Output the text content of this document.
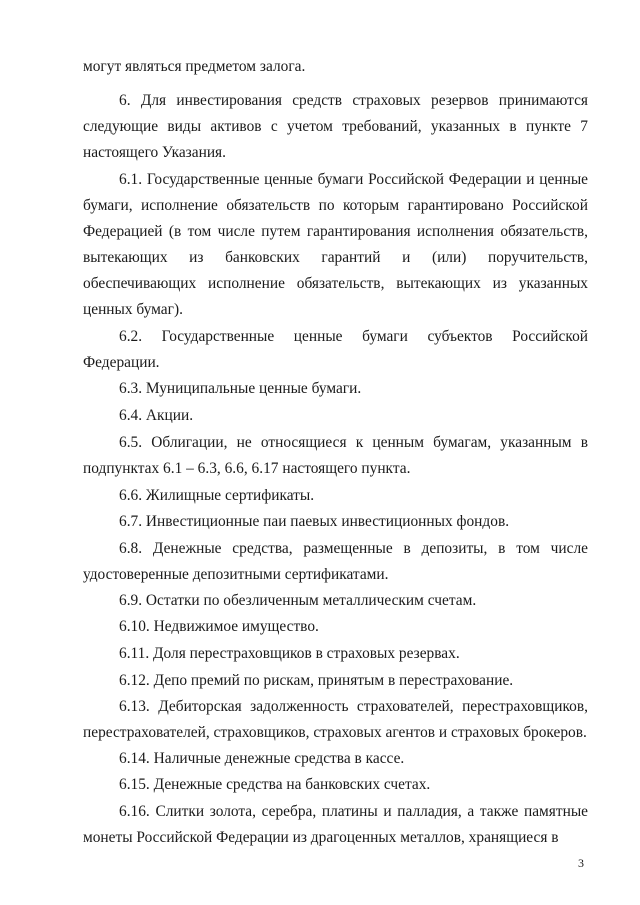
могут являться предметом залога.

6. Для инвестирования средств страховых резервов принимаются следующие виды активов с учетом требований, указанных в пункте 7 настоящего Указания.

6.1. Государственные ценные бумаги Российской Федерации и ценные бумаги, исполнение обязательств по которым гарантировано Российской Федерацией (в том числе путем гарантирования исполнения обязательств, вытекающих из банковских гарантий и (или) поручительств, обеспечивающих исполнение обязательств, вытекающих из указанных ценных бумаг).

6.2. Государственные ценные бумаги субъектов Российской Федерации.

6.3. Муниципальные ценные бумаги.

6.4. Акции.

6.5. Облигации, не относящиеся к ценным бумагам, указанным в подпунктах 6.1 – 6.3, 6.6, 6.17 настоящего пункта.

6.6. Жилищные сертификаты.

6.7. Инвестиционные паи паевых инвестиционных фондов.

6.8. Денежные средства, размещенные в депозиты, в том числе удостоверенные депозитными сертификатами.

6.9. Остатки по обезличенным металлическим счетам.

6.10. Недвижимое имущество.

6.11. Доля перестраховщиков в страховых резервах.

6.12. Депо премий по рискам, принятым в перестрахование.

6.13. Дебиторская задолженность страхователей, перестраховщиков, перестрахователей, страховщиков, страховых агентов и страховых брокеров.

6.14. Наличные денежные средства в кассе.

6.15. Денежные средства на банковских счетах.

6.16. Слитки золота, серебра, платины и палладия, а также памятные монеты Российской Федерации из драгоценных металлов, хранящиеся в

3
